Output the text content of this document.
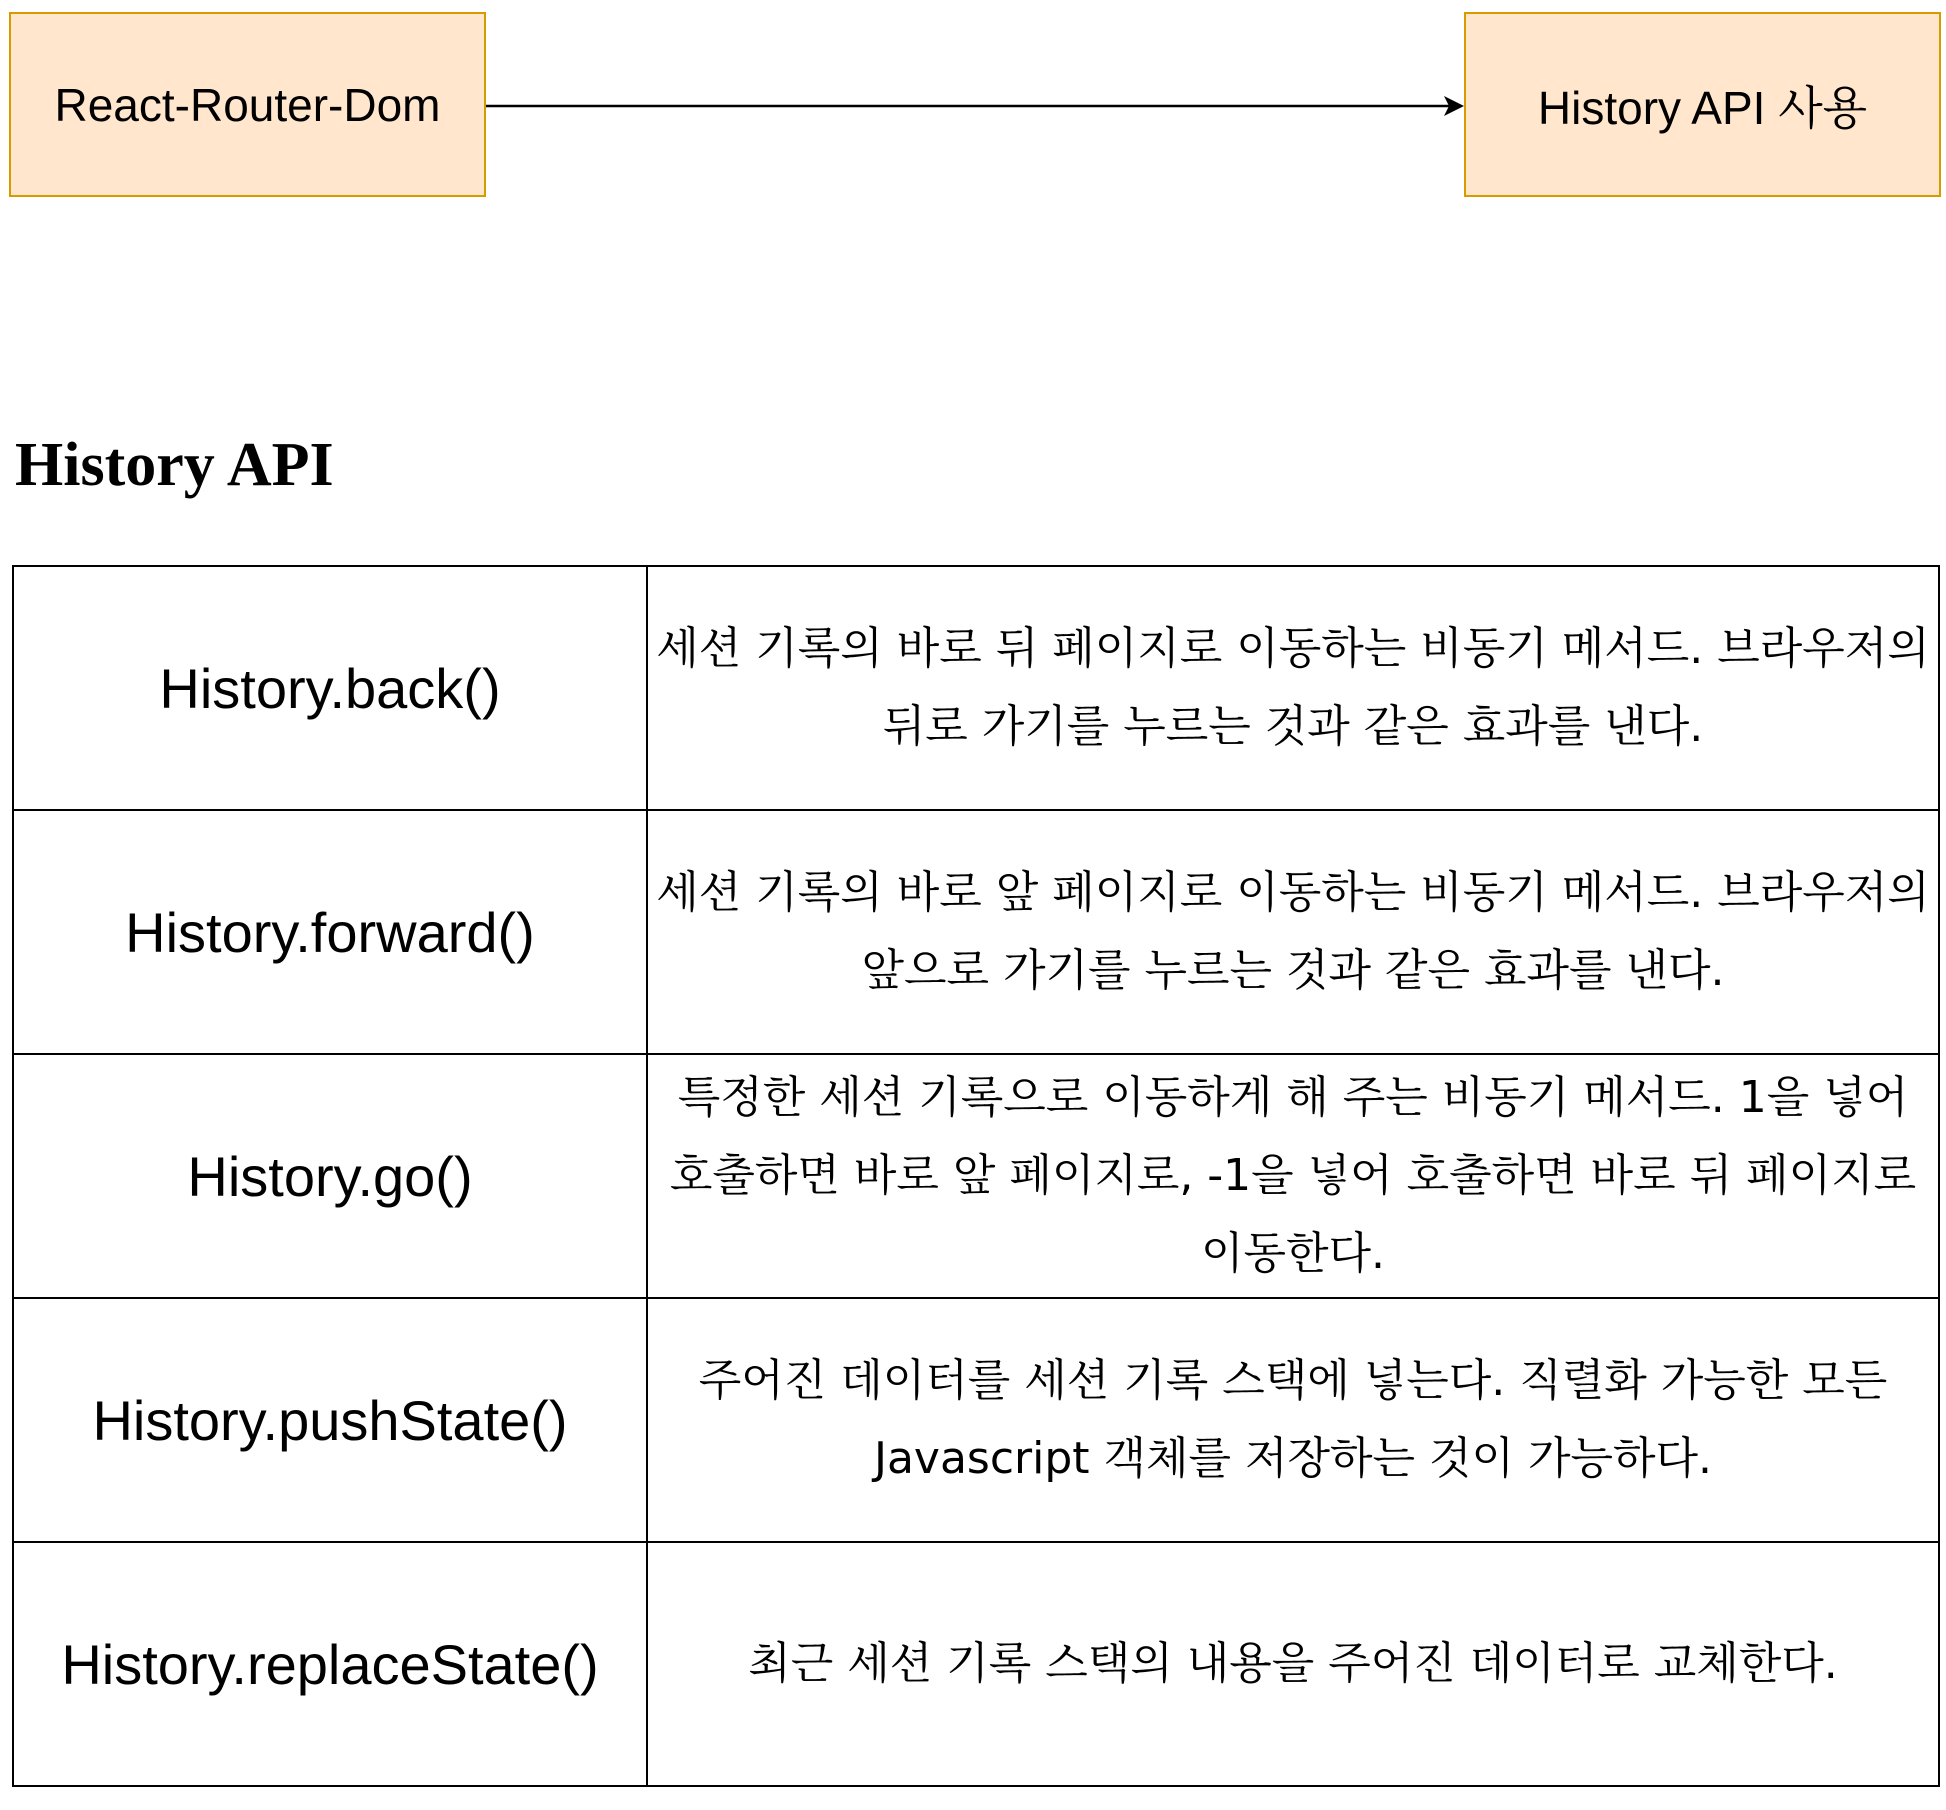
React-Router-Dom	History API 사용
History API
History.back()	세션 기록의 바로 뒤 페이지로 이동하는 비동기 메서드. 브라우저의 뒤로 가기를 누르는 것과 같은 효과를 낸다.
History.forward()	세션 기록의 바로 앞 페이지로 이동하는 비동기 메서드. 브라우저의 앞으로 가기를 누르는 것과 같은 효과를 낸다.
History.go()	특정한 세션 기록으로 이동하게 해 주는 비동기 메서드. 1을 넣어 호출하면 바로 앞 페이지로, -1을 넣어 호출하면 바로 뒤 페이지로 이동한다.
History.pushState()	주어진 데이터를 세션 기록 스택에 넣는다. 직렬화 가능한 모든 Javascript 객체를 저장하는 것이 가능하다.
History.replaceState()	최근 세션 기록 스택의 내용을 주어진 데이터로 교체한다.
